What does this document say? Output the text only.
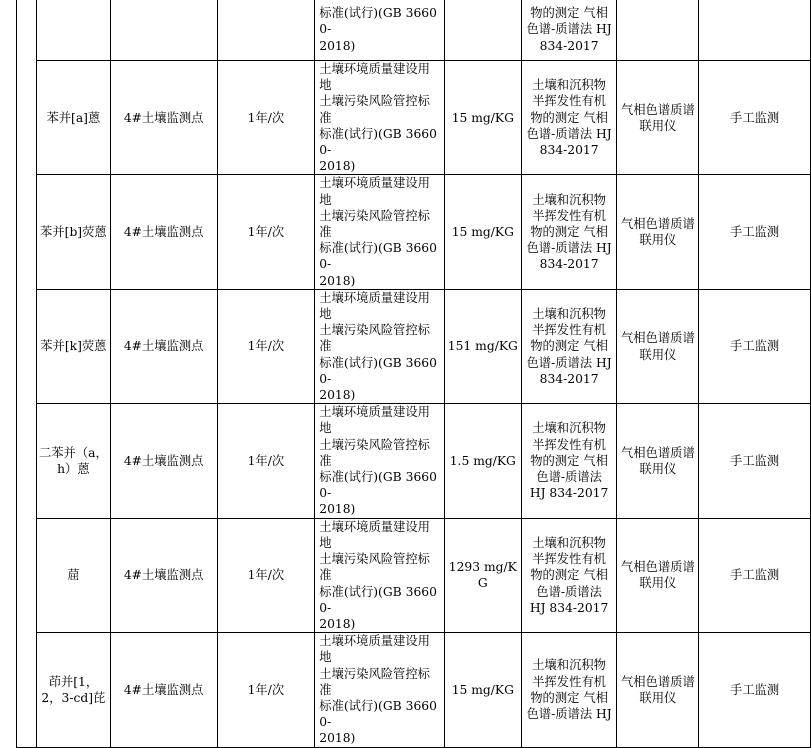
				标准(试行)(GB 36600-
2018)		物的测定 气相
色谱-质谱法 HJ
834-2017		

	苯并[a]蒽	4#土壤监测点	1年/次	土壤环境质量建设用地
土壤污染风险管控标准
标准(试行)(GB 36600-
2018)	15 mg/KG	土壤和沉积物
半挥发性有机
物的测定 气相
色谱-质谱法 HJ
834-2017	气相色谱质谱联用仪	手工监测
	苯并[b]荧蒽	4#土壤监测点	1年/次	土壤环境质量建设用地
土壤污染风险管控标准
标准(试行)(GB 36600-
2018)	15 mg/KG	土壤和沉积物
半挥发性有机
物的测定 气相
色谱-质谱法 HJ
834-2017	气相色谱质谱联用仪	手工监测
	苯并[k]荧蒽	4#土壤监测点	1年/次	土壤环境质量建设用地
土壤污染风险管控标准
标准(试行)(GB 36600-
2018)	151 mg/KG	土壤和沉积物
半挥发性有机
物的测定 气相
色谱-质谱法 HJ
834-2017	气相色谱质谱联用仪	手工监测
	二苯并（a，h）蒽	4#土壤监测点	1年/次	土壤环境质量建设用地
土壤污染风险管控标准
标准(试行)(GB 36600-
2018)	1.5 mg/KG	土壤和沉积物
半挥发性有机
物的测定 气相
色谱-质谱法
HJ 834-2017	气相色谱质谱联用仪	手工监测
	䓛	4#土壤监测点	1年/次	土壤环境质量建设用地
土壤污染风险管控标准
标准(试行)(GB 36600-
2018)	1293 mg/KG	土壤和沉积物
半挥发性有机
物的测定 气相
色谱-质谱法
HJ 834-2017	气相色谱质谱联用仪	手工监测
	茚并[1，2，3-cd]芘	4#土壤监测点	1年/次	土壤环境质量建设用地
土壤污染风险管控标准
标准(试行)(GB 36600-
2018)	15 mg/KG	土壤和沉积物
半挥发性有机
物的测定 气相
色谱-质谱法 HJ	气相色谱质谱联用仪	手工监测
